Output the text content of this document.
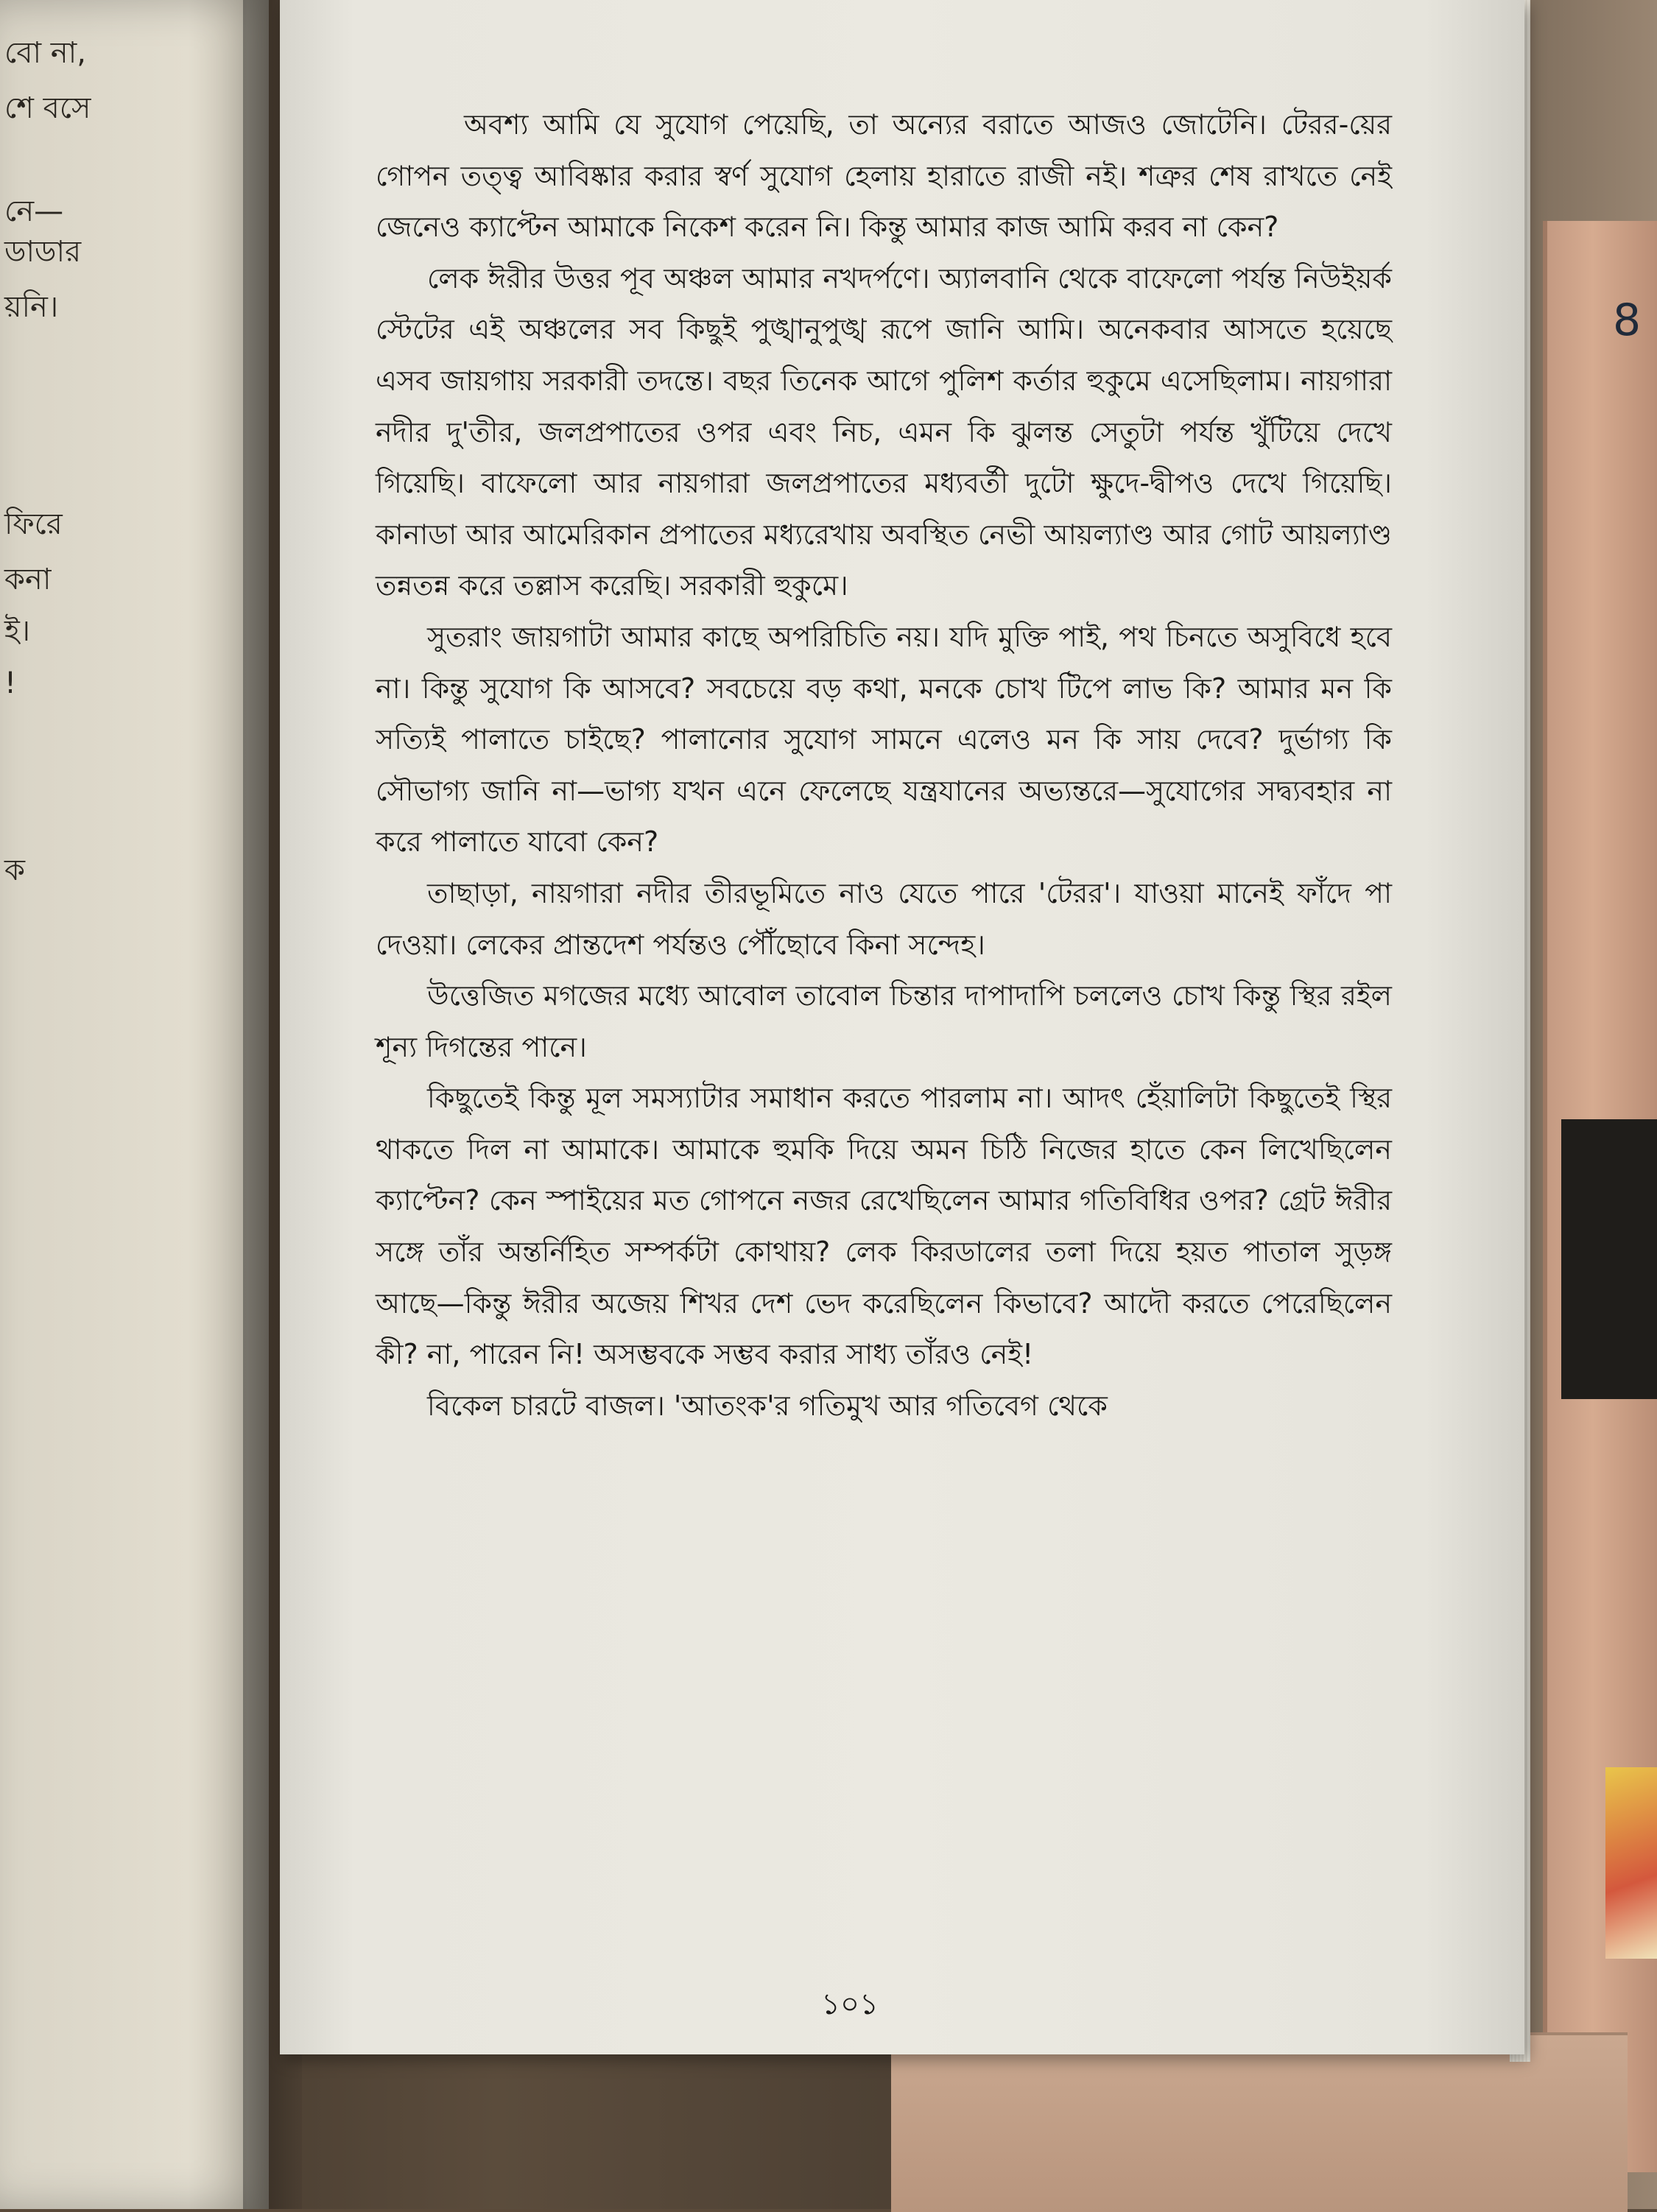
বো না,
শে বসে
নে—
ডাডার
য়নি।
ফিরে
কনা
ই।
!
ক
8

অবশ্য আমি যে সুযোগ পেয়েছি, তা অন্যের বরাতে আজও জোটেনি। টেরর-য়ের গোপন তত্ত্ব আবিষ্কার করার স্বর্ণ সুযোগ হেলায় হারাতে রাজী নই। শত্রুর শেষ রাখতে নেই জেনেও ক্যাপ্টেন আমাকে নিকেশ করেন নি। কিন্তু আমার কাজ আমি করব না কেন?

লেক ঈরীর উত্তর পূব অঞ্চল আমার নখদর্পণে। অ্যালবানি থেকে বাফেলো পর্যন্ত নিউইয়র্ক স্টেটের এই অঞ্চলের সব কিছুই পুঙ্খানুপুঙ্খ রূপে জানি আমি। অনেকবার আসতে হয়েছে এসব জায়গায় সরকারী তদন্তে। বছর তিনেক আগে পুলিশ কর্তার হুকুমে এসেছিলাম। নায়গারা নদীর দু'তীর, জলপ্রপাতের ওপর এবং নিচ, এমন কি ঝুলন্ত সেতুটা পর্যন্ত খুঁটিয়ে দেখে গিয়েছি। বাফেলো আর নায়গারা জলপ্রপাতের মধ্যবর্তী দুটো ক্ষুদে-দ্বীপও দেখে গিয়েছি। কানাডা আর আমেরিকান প্রপাতের মধ্যরেখায় অবস্থিত নেভী আয়ল্যাণ্ড আর গোট আয়ল্যাণ্ড তন্নতন্ন করে তল্লাস করেছি। সরকারী হুকুমে।

সুতরাং জায়গাটা আমার কাছে অপরিচিতি নয়। যদি মুক্তি পাই, পথ চিনতে অসুবিধে হবে না। কিন্তু সুযোগ কি আসবে? সবচেয়ে বড় কথা, মনকে চোখ টিপে লাভ কি? আমার মন কি সত্যিই পালাতে চাইছে? পালানোর সুযোগ সামনে এলেও মন কি সায় দেবে? দুর্ভাগ্য কি সৌভাগ্য জানি না—ভাগ্য যখন এনে ফেলেছে যন্ত্রযানের অভ্যন্তরে—সুযোগের সদ্ব্যবহার না করে পালাতে যাবো কেন?

তাছাড়া, নায়গারা নদীর তীরভূমিতে নাও যেতে পারে 'টেরর'। যাওয়া মানেই ফাঁদে পা দেওয়া। লেকের প্রান্তদেশ পর্যন্তও পৌঁছোবে কিনা সন্দেহ।

উত্তেজিত মগজের মধ্যে আবোল তাবোল চিন্তার দাপাদাপি চললেও চোখ কিন্তু স্থির রইল শূন্য দিগন্তের পানে।

কিছুতেই কিন্তু মূল সমস্যাটার সমাধান করতে পারলাম না। আদৎ হেঁয়ালিটা কিছুতেই স্থির থাকতে দিল না আমাকে। আমাকে হুমকি দিয়ে অমন চিঠি নিজের হাতে কেন লিখেছিলেন ক্যাপ্টেন? কেন স্পাইয়ের মত গোপনে নজর রেখেছিলেন আমার গতিবিধির ওপর? গ্রেট ঈরীর সঙ্গে তাঁর অন্তর্নিহিত সম্পর্কটা কোথায়? লেক কিরডালের তলা দিয়ে হয়ত পাতাল সুড়ঙ্গ আছে—কিন্তু ঈরীর অজেয় শিখর দেশ ভেদ করেছিলেন কিভাবে? আদৌ করতে পেরেছিলেন কী? না, পারেন নি! অসম্ভবকে সম্ভব করার সাধ্য তাঁরও নেই!

বিকেল চারটে বাজল। 'আতংক'র গতিমুখ আর গতিবেগ থেকে

১০১
